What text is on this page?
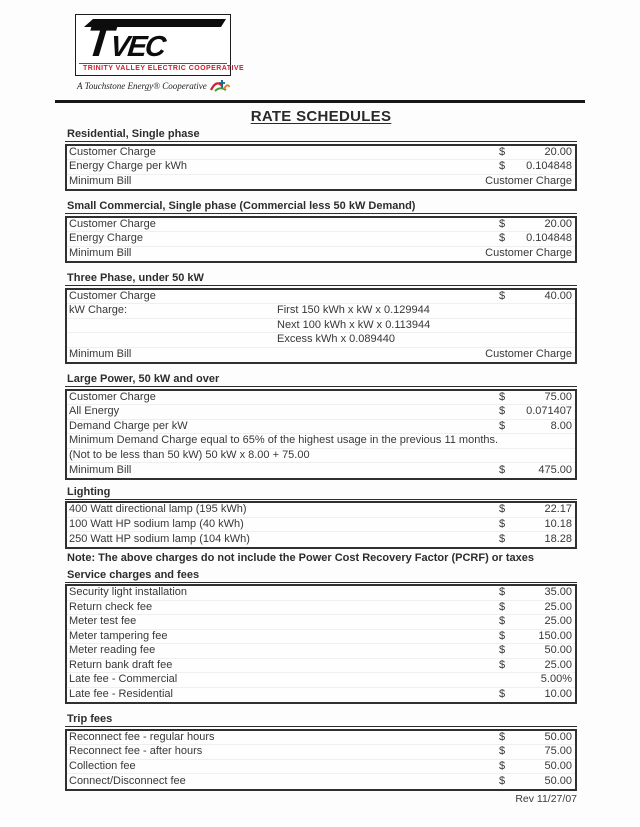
TVEC
TRINITY VALLEY ELECTRIC COOPERATIVE
A Touchstone Energy® Cooperative
RATE SCHEDULES
Residential, Single phase
Customer Charge	$	20.00
Energy Charge per kWh	$	0.104848
Minimum Bill	Customer Charge
Small Commercial, Single phase (Commercial less 50 kW Demand)
Customer Charge	$	20.00
Energy Charge	$	0.104848
Minimum Bill	Customer Charge
Three Phase, under 50 kW
Customer Charge	$	40.00
kW Charge:	First 150 kWh x kW x 0.129944
Next 100 kWh x kW x 0.113944
Excess kWh x 0.089440
Minimum Bill	Customer Charge
Large Power, 50 kW and over
Customer Charge	$	75.00
All Energy	$	0.071407
Demand Charge per kW	$	8.00
Minimum Demand Charge equal to 65% of the highest usage in the previous 11 months.
(Not to be less than 50 kW) 50 kW x 8.00 + 75.00
Minimum Bill	$	475.00
Lighting
400 Watt directional lamp (195 kWh)	$	22.17
100 Watt HP sodium lamp (40 kWh)	$	10.18
250 Watt HP sodium lamp (104 kWh)	$	18.28
Note: The above charges do not include the Power Cost Recovery Factor (PCRF) or taxes
Service charges and fees
Security light installation	$	35.00
Return check fee	$	25.00
Meter test fee	$	25.00
Meter tampering fee	$	150.00
Meter reading fee	$	50.00
Return bank draft fee	$	25.00
Late fee - Commercial	5.00%
Late fee - Residential	$	10.00
Trip fees
Reconnect fee - regular hours	$	50.00
Reconnect fee - after hours	$	75.00
Collection fee	$	50.00
Connect/Disconnect fee	$	50.00
Rev 11/27/07
